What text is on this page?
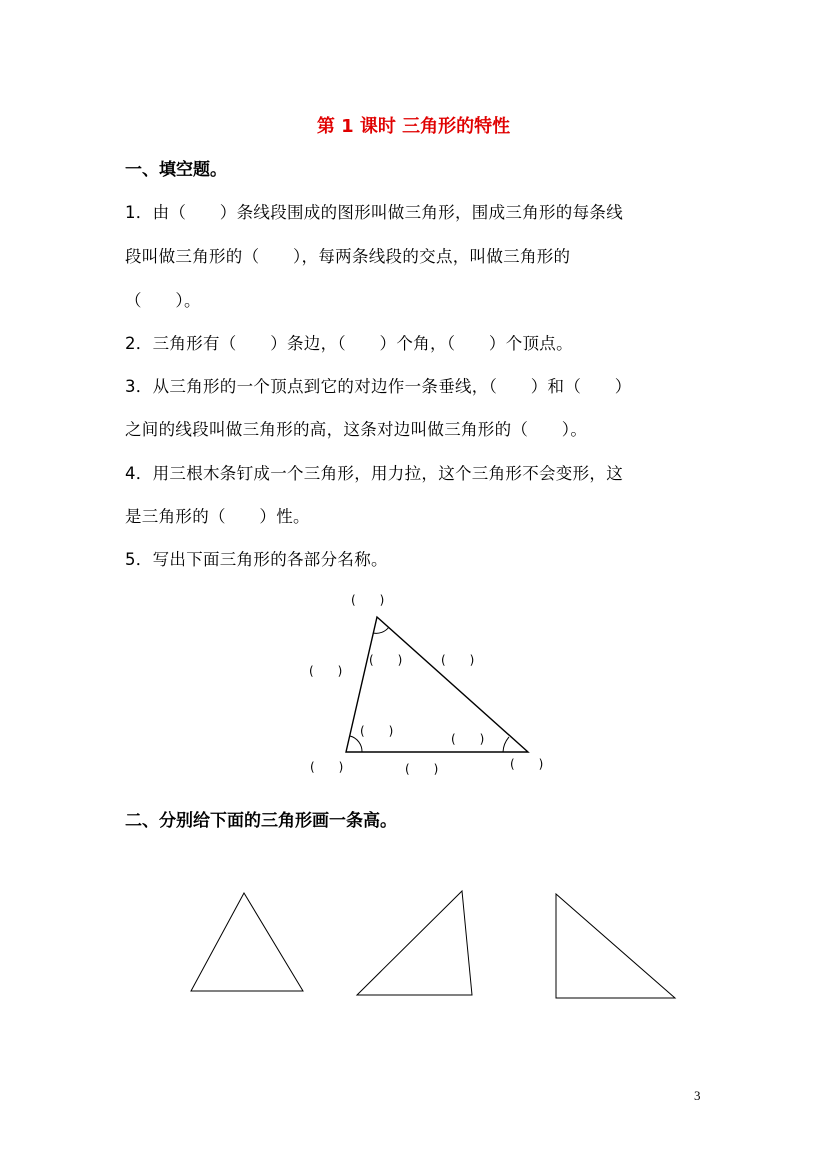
第 1 课时 三角形的特性
一、填空题。
1．由（　　）条线段围成的图形叫做三角形，围成三角形的每条线
段叫做三角形的（　　），每两条线段的交点，叫做三角形的
（　　）。
2．三角形有（　　）条边，（　　）个角，（　　）个顶点。
3．从三角形的一个顶点到它的对边作一条垂线，（　　）和（　　）
之间的线段叫做三角形的高，这条对边叫做三角形的（　　）。
4．用三根木条钉成一个三角形，用力拉，这个三角形不会变形，这
是三角形的（　　）性。
5．写出下面三角形的各部分名称。
(　　)
(　　)	(　　)
(　　)
(　　)
(　　)
(　　)	(　　)	(　　)
二、分别给下面的三角形画一条高。
3
